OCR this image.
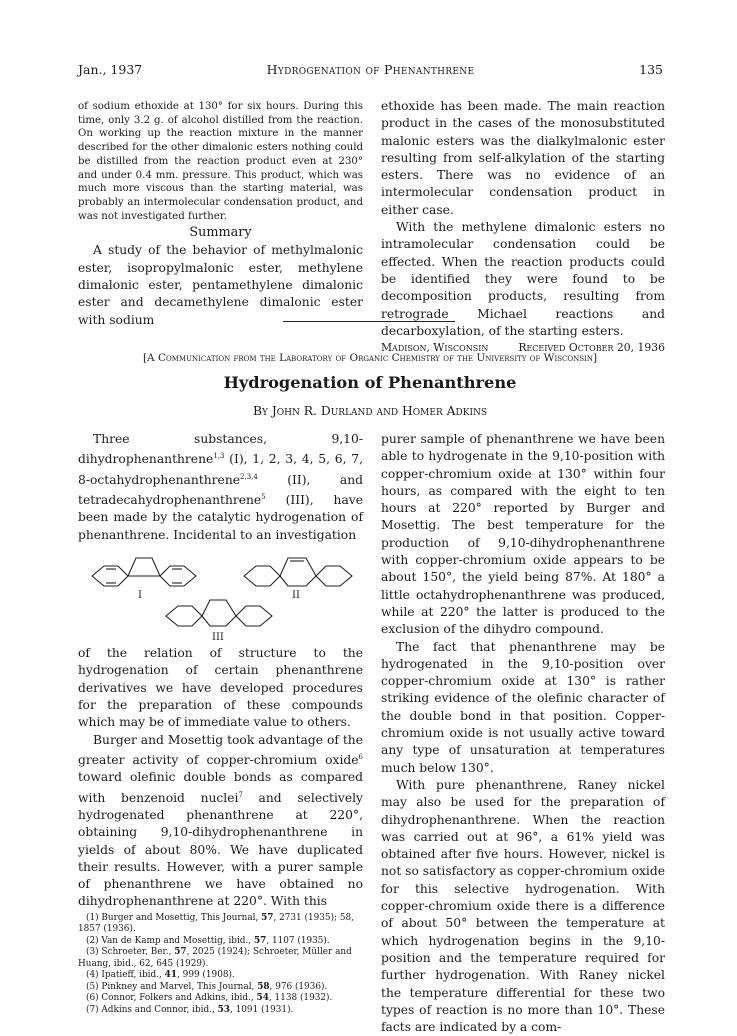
Jan., 1937	Hydrogenation of Phenanthrene	135

of sodium ethoxide at 130° for six hours. During this time, only 3.2 g. of alcohol distilled from the reaction. On working up the reaction mixture in the manner described for the other dimalonic esters nothing could be distilled from the reaction product even at 230° and under 0.4 mm. pressure. This product, which was much more viscous than the starting material, was probably an intermolecular condensation product, and was not investigated further.

Summary

A study of the behavior of methylmalonic ester, isopropylmalonic ester, methylene dimalonic ester, pentamethylene dimalonic ester and decamethylene dimalonic ester with sodium

ethoxide has been made. The main reaction product in the cases of the monosubstituted malonic esters was the dialkylmalonic ester resulting from self-alkylation of the starting esters. There was no evidence of an intermolecular condensation product in either case.

With the methylene dimalonic esters no intramolecular condensation could be effected. When the reaction products could be identified they were found to be decomposition products, resulting from retrograde Michael reactions and decarboxylation, of the starting esters.

Madison, Wisconsin	Received October 20, 1936
[A Communication from the Laboratory of Organic Chemistry of the University of Wisconsin]
Hydrogenation of Phenanthrene
By John R. Durland and Homer Adkins

Three substances, 9,10-dihydrophenanthrene$^{1,3}$ (I), 1, 2, 3, 4, 5, 6, 7, 8-octahydrophenanthrene$^{2,3,4}$ (II), and tetradecahydrophenanthrene$^5$ (III), have been made by the catalytic hydrogenation of phenanthrene. Incidental to an investigation

I	II
III

of the relation of structure to the hydrogenation of certain phenanthrene derivatives we have developed procedures for the preparation of these compounds which may be of immediate value to others.

Burger and Mosettig took advantage of the greater activity of copper-chromium oxide$^6$ toward olefinic double bonds as compared with benzenoid nuclei$^7$ and selectively hydrogenated phenanthrene at 220°, obtaining 9,10-dihydrophenanthrene in yields of about 80%. We have duplicated their results. However, with a purer sample of phenanthrene we have obtained no dihydrophenanthrene at 220°. With this

(1) Burger and Mosettig, This Journal, 57, 2731 (1935); 58, 1857 (1936).

(2) Van de Kamp and Mosettig, ibid., 57, 1107 (1935).

(3) Schroeter, Ber., 57, 2025 (1924); Schroeter, Müller and Huang, ibid., 62, 645 (1929).

(4) Ipatieff, ibid., 41, 999 (1908).

(5) Pinkney and Marvel, This Journal, 58, 976 (1936).

(6) Connor, Folkers and Adkins, ibid., 54, 1138 (1932).

(7) Adkins and Connor, ibid., 53, 1091 (1931).

purer sample of phenanthrene we have been able to hydrogenate in the 9,10-position with copper-chromium oxide at 130° within four hours, as compared with the eight to ten hours at 220° reported by Burger and Mosettig. The best temperature for the production of 9,10-dihydrophenanthrene with copper-chromium oxide appears to be about 150°, the yield being 87%. At 180° a little octahydrophenanthrene was produced, while at 220° the latter is produced to the exclusion of the dihydro compound.

The fact that phenanthrene may be hydrogenated in the 9,10-position over copper-chromium oxide at 130° is rather striking evidence of the olefinic character of the double bond in that position. Copper-chromium oxide is not usually active toward any type of unsaturation at temperatures much below 130°.

With pure phenanthrene, Raney nickel may also be used for the preparation of dihydrophenanthrene. When the reaction was carried out at 96°, a 61% yield was obtained after five hours. However, nickel is not so satisfactory as copper-chromium oxide for this selective hydrogenation. With copper-chromium oxide there is a difference of about 50° between the temperature at which hydrogenation begins in the 9,10-position and the temperature required for further hydrogenation. With Raney nickel the temperature differential for these two types of reaction is no more than 10°. These facts are indicated by a com-
